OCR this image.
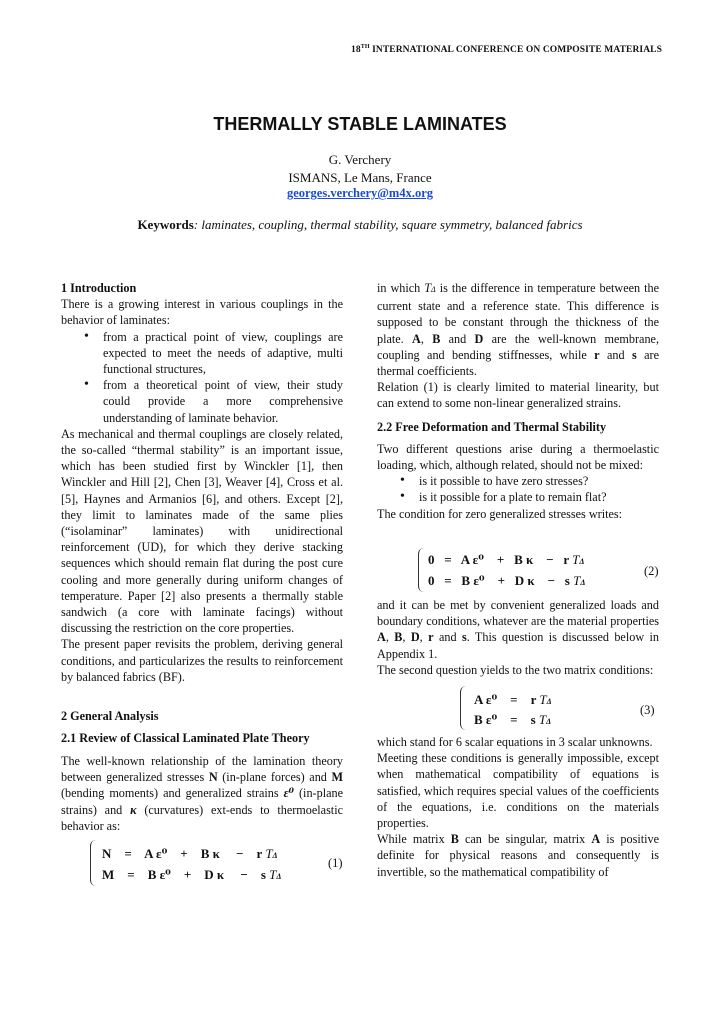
18TH INTERNATIONAL CONFERENCE ON COMPOSITE MATERIALS
THERMALLY STABLE LAMINATES
G. Verchery
ISMANS, Le Mans, France
georges.verchery@m4x.org
Keywords: laminates, coupling, thermal stability, square symmetry, balanced fabrics
1 Introduction
There is a growing interest in various couplings in the behavior of laminates:
• from a practical point of view, couplings are expected to meet the needs of adaptive, multi functional structures,
• from a theoretical point of view, their study could provide a more comprehensive understanding of laminate behavior.
As mechanical and thermal couplings are closely related, the so-called “thermal stability” is an important issue, which has been studied first by Winckler [1], then Winckler and Hill [2], Chen [3], Weaver [4], Cross et al. [5], Haynes and Armanios [6], and others. Except [2], they limit to laminates made of the same plies (“isolaminar” laminates) with unidirectional reinforcement (UD), for which they derive stacking sequences which should remain flat during the post cure cooling and more generally during uniform changes of temperature. Paper [2] also presents a thermally stable sandwich (a core with laminate facings) without discussing the restriction on the core properties.
The present paper revisits the problem, deriving general conditions, and particularizes the results to reinforcement by balanced fabrics (BF).
2 General Analysis
2.1 Review of Classical Laminated Plate Theory
The well-known relationship of the lamination theory between generalized stresses N (in-plane forces) and M (bending moments) and generalized strains ε⁰ (in-plane strains) and κ (curvatures) ext-ends to thermoelastic behavior as:
N = A ε⁰ + B κ − r TΔ
M = B ε⁰ + D κ − s TΔ
(1)
in which TΔ is the difference in temperature between the current state and a reference state. This difference is supposed to be constant through the thickness of the plate. A, B and D are the well-known membrane, coupling and bending stiffnesses, while r and s are thermal coefficients.
Relation (1) is clearly limited to material linearity, but can extend to some non-linear generalized strains.
2.2 Free Deformation and Thermal Stability
Two different questions arise during a thermoelastic loading, which, although related, should not be mixed:
• is it possible to have zero stresses?
• is it possible for a plate to remain flat?
The condition for zero generalized stresses writes:
0 = A ε⁰ + B κ − r TΔ
0 = B ε⁰ + D κ − s TΔ
(2)
and it can be met by convenient generalized loads and boundary conditions, whatever are the material properties A, B, D, r and s. This question is discussed below in Appendix 1.
The second question yields to the two matrix conditions:
A ε⁰ = r TΔ
B ε⁰ = s TΔ
(3)
which stand for 6 scalar equations in 3 scalar unknowns.
Meeting these conditions is generally impossible, except when mathematical compatibility of equations is satisfied, which requires special values of the coefficients of the equations, i.e. conditions on the materials properties.
While matrix B can be singular, matrix A is positive definite for physical reasons and consequently is invertible, so the mathematical compatibility of
